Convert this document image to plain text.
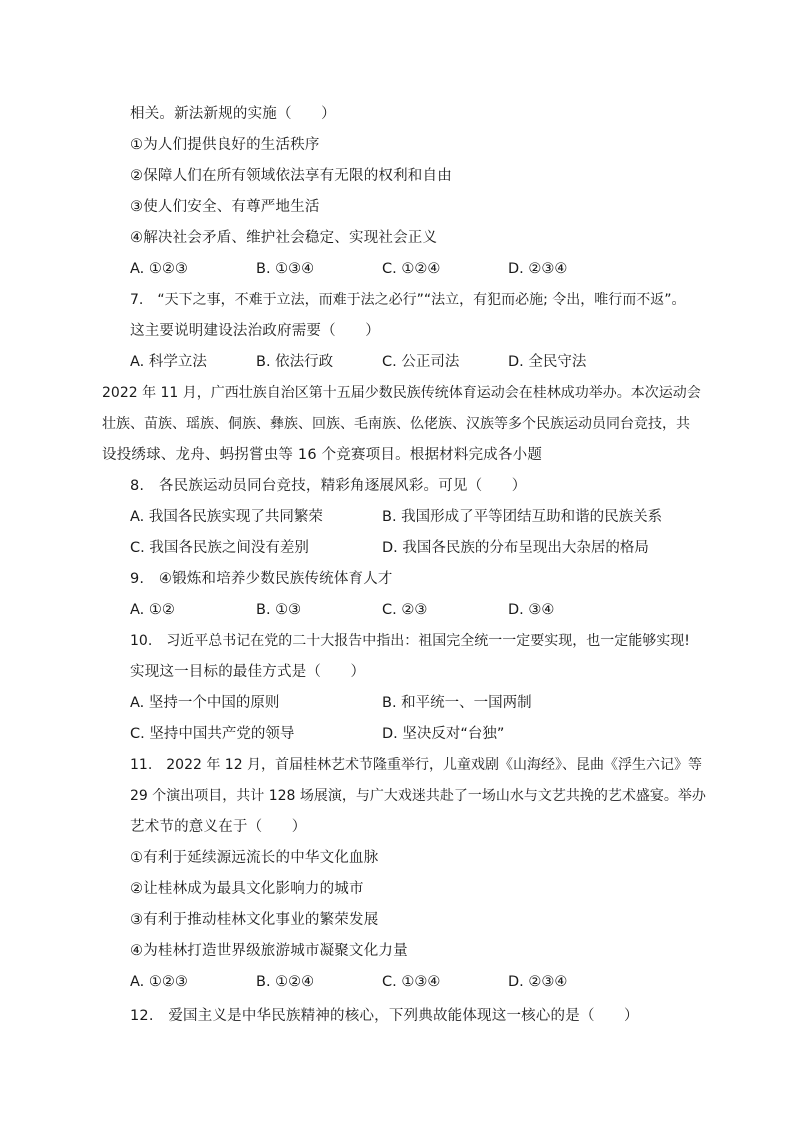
相关。新法新规的实施（　　）
①为人们提供良好的生活秩序
②保障人们在所有领域依法享有无限的权利和自由
③使人们安全、有尊严地生活
④解决社会矛盾、维护社会稳定、实现社会正义
A. ①②③	B. ①③④	C. ①②④	D. ②③④
7.　“天下之事，不难于立法，而难于法之必行”“法立，有犯而必施; 令出，唯行而不返”。
这主要说明建设法治政府需要（　　）
A. 科学立法	B. 依法行政	C. 公正司法	D. 全民守法
2022 年 11 月，广西壮族自治区第十五届少数民族传统体育运动会在桂林成功举办。本次运动会
壮族、苗族、瑶族、侗族、彝族、回族、毛南族、仫佬族、汉族等多个民族运动员同台竞技，共
设投绣球、龙舟、蚂拐嘗虫等 16 个竞赛项目。根据材料完成各小题
8.　各民族运动员同台竞技，精彩角逐展风彩。可见（　　）
A. 我国各民族实现了共同繁荣	B. 我国形成了平等团结互助和谐的民族关系
C. 我国各民族之间没有差别	D. 我国各民族的分布呈现出大杂居的格局
9.　④锻炼和培养少数民族传统体育人才
A. ①②	B. ①③	C. ②③	D. ③④
10.　习近平总书记在党的二十大报告中指出：祖国完全统一一定要实现，也一定能够实现!
实现这一目标的最佳方式是（　　）
A. 坚持一个中国的原则	B. 和平统一、一国两制
C. 坚持中国共产党的领导	D. 坚决反对“台独”
11.　2022 年 12 月，首届桂林艺术节隆重举行，儿童戏剧《山海经》、昆曲《浮生六记》等
29 个演出项目，共计 128 场展演，与广大戏迷共赴了一场山水与文艺共挽的艺术盛宴。举办
艺术节的意义在于（　　）
①有利于延续源远流长的中华文化血脉
②让桂林成为最具文化影响力的城市
③有利于推动桂林文化事业的繁荣发展
④为桂林打造世界级旅游城市凝聚文化力量
A. ①②③	B. ①②④	C. ①③④	D. ②③④
12.　爱国主义是中华民族精神的核心，下列典故能体现这一核心的是（　　）
